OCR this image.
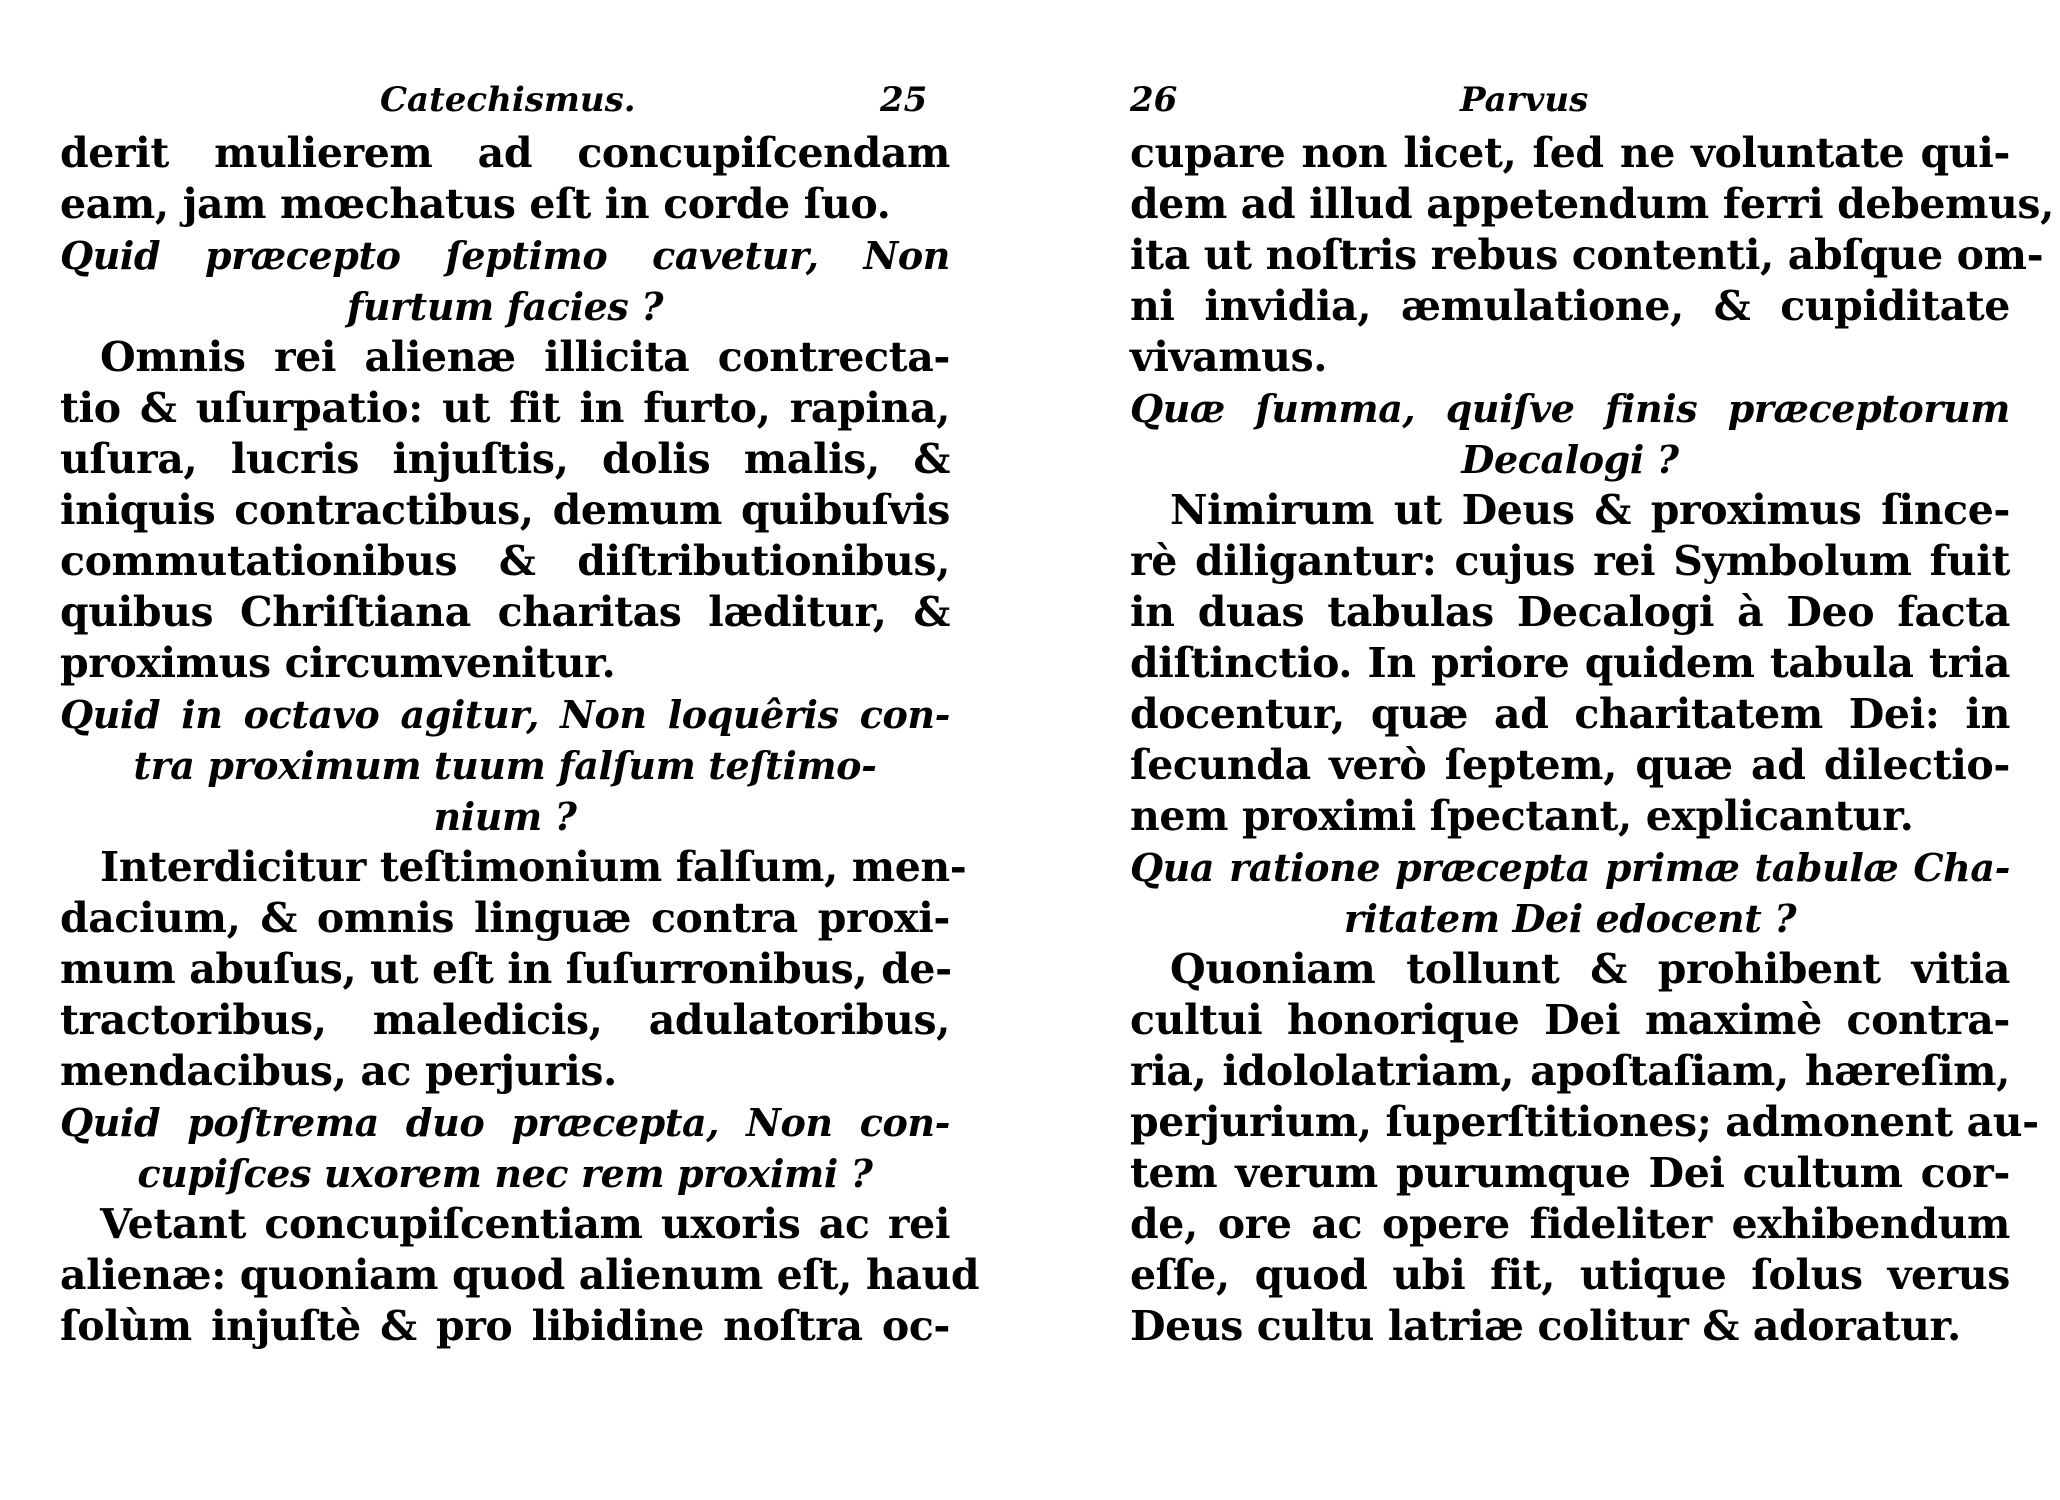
Catechismus.	25
derit mulierem ad concupiſcendam
eam, jam mœchatus eſt in corde ſuo.
Quid præcepto ſeptimo cavetur, Non
furtum facies ?
Omnis rei alienæ illicita contrecta-
tio & uſurpatio: ut fit in furto, rapina,
uſura, lucris injuſtis, dolis malis, &
iniquis contractibus, demum quibuſvis
commutationibus & diſtributionibus,
quibus Chriſtiana charitas læditur, &
proximus circumvenitur.
Quid in octavo agitur, Non loquêris con-
tra proximum tuum falſum teſtimo-
nium ?
Interdicitur teſtimonium falſum, men-
dacium, & omnis linguæ contra proxi-
mum abuſus, ut eſt in ſuſurronibus, de-
tractoribus, maledicis, adulatoribus,
mendacibus, ac perjuris.
Quid poſtrema duo præcepta, Non con-
cupiſces uxorem nec rem proximi ?
Vetant concupiſcentiam uxoris ac rei
alienæ: quoniam quod alienum eſt, haud
ſolùm injuſtè & pro libidine noſtra oc-
26	Parvus
cupare non licet, ſed ne voluntate qui-
dem ad illud appetendum ferri debemus,
ita ut noſtris rebus contenti, abſque om-
ni invidia, æmulatione, & cupiditate
vivamus.
Quæ ſumma, quiſve finis præceptorum
Decalogi ?
Nimirum ut Deus & proximus ſince-
rè diligantur: cujus rei Symbolum fuit
in duas tabulas Decalogi à Deo facta
diſtinctio. In priore quidem tabula tria
docentur, quæ ad charitatem Dei: in
ſecunda verò ſeptem, quæ ad dilectio-
nem proximi ſpectant, explicantur.
Qua ratione præcepta primæ tabulæ Cha-
ritatem Dei edocent ?
Quoniam tollunt & prohibent vitia
cultui honorique Dei maximè contra-
ria, idololatriam, apoſtaſiam, hæreſim,
perjurium, ſuperſtitiones; admonent au-
tem verum purumque Dei cultum cor-
de, ore ac opere fideliter exhibendum
eſſe, quod ubi fit, utique ſolus verus
Deus cultu latriæ colitur & adoratur.
